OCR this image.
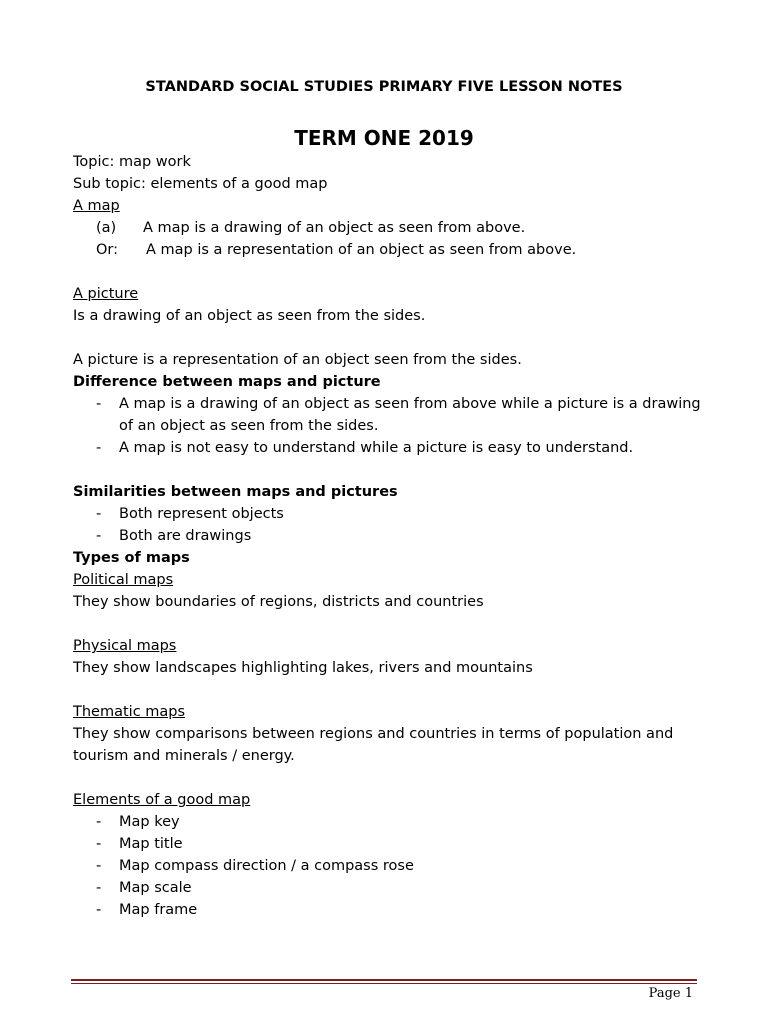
STANDARD SOCIAL STUDIES PRIMARY FIVE LESSON NOTES
TERM ONE 2019
Topic: map work
Sub topic: elements of a good map
A map
(a)	A map is a drawing of an object as seen from above.
Or:	A map is a representation of an object as seen from above.
A picture
Is a drawing of an object as seen from the sides.
A picture is a representation of an object seen from the sides.
Difference between maps and picture
-	A map is a drawing of an object as seen from above while a picture is a drawing of an object as seen from the sides.
-	A map is not easy to understand while a picture is easy to understand.
Similarities between maps and pictures
-	Both represent objects
-	Both are drawings
Types of maps
Political maps
They show boundaries of regions, districts and countries
Physical maps
They show landscapes highlighting lakes, rivers and mountains
Thematic maps
They show comparisons between regions and countries in terms of population and tourism and minerals / energy.
Elements of a good map
-	Map key
-	Map title
-	Map compass direction / a compass rose
-	Map scale
-	Map frame
Page 1
